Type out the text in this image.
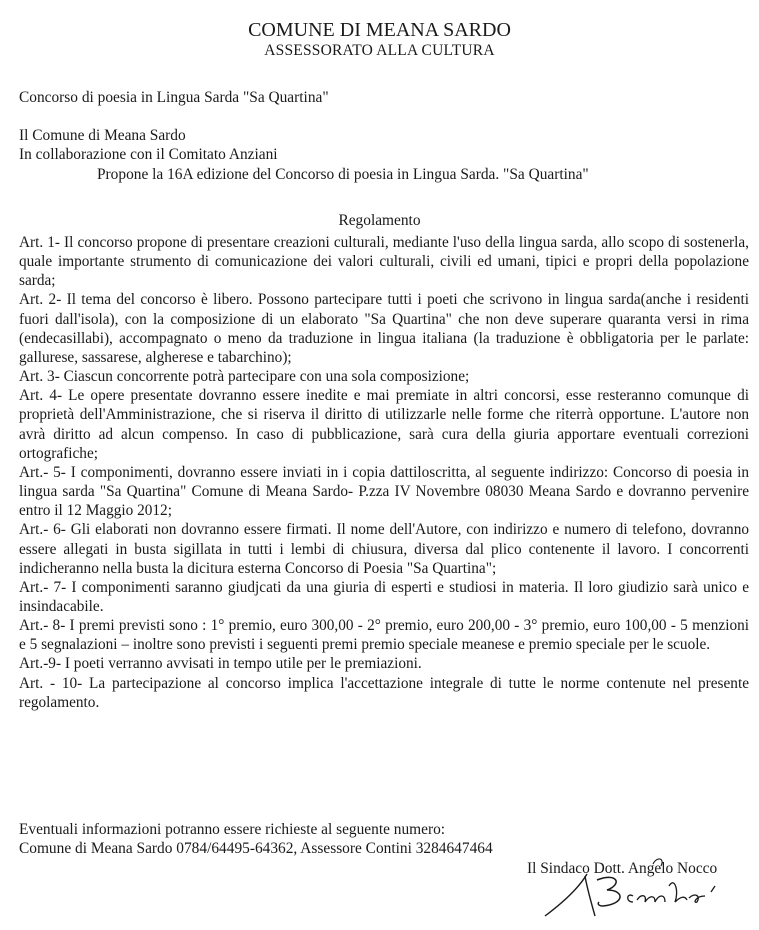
COMUNE DI MEANA SARDO
ASSESSORATO ALLA CULTURA
Concorso di poesia in Lingua Sarda "Sa Quartina"
Il Comune di Meana Sardo
In collaborazione con il Comitato Anziani
Propone la 16A edizione del Concorso di poesia in Lingua Sarda. "Sa Quartina"
Regolamento

Art. 1- Il concorso propone di presentare creazioni culturali, mediante l'uso della lingua sarda, allo scopo di sostenerla, quale importante strumento di comunicazione dei valori culturali, civili ed umani, tipici e propri della popolazione sarda;

Art. 2- Il tema del concorso è libero. Possono partecipare tutti i poeti che scrivono in lingua sarda(anche i residenti fuori dall'isola), con la composizione di un elaborato "Sa Quartina" che non deve superare quaranta versi in rima (endecasillabi), accompagnato o meno da traduzione in lingua italiana (la traduzione è obbligatoria per le parlate: gallurese, sassarese, algherese e tabarchino);

Art. 3- Ciascun concorrente potrà partecipare con una sola composizione;

Art. 4- Le opere presentate dovranno essere inedite e mai premiate in altri concorsi, esse resteranno comunque di proprietà dell'Amministrazione, che si riserva il diritto di utilizzarle nelle forme che riterrà opportune. L'autore non avrà diritto ad alcun compenso. In caso di pubblicazione, sarà cura della giuria apportare eventuali correzioni ortografiche;

Art.- 5- I componimenti, dovranno essere inviati in i copia dattiloscritta, al seguente indirizzo: Concorso di poesia in lingua sarda "Sa Quartina" Comune di Meana Sardo- P.zza IV Novembre 08030 Meana Sardo e dovranno pervenire entro il 12 Maggio 2012;

Art.- 6- Gli elaborati non dovranno essere firmati. Il nome dell'Autore, con indirizzo e numero di telefono, dovranno essere allegati in busta sigillata in tutti i lembi di chiusura, diversa dal plico contenente il lavoro. I concorrenti indicheranno nella busta la dicitura esterna Concorso di Poesia "Sa Quartina";

Art.- 7- I componimenti saranno giudjcati da una giuria di esperti e studiosi in materia. Il loro giudizio sarà unico e insindacabile.

Art.- 8- I premi previsti sono : 1° premio, euro 300,00 - 2° premio, euro 200,00 - 3° premio, euro 100,00 - 5 menzioni e 5 segnalazioni – inoltre sono previsti i seguenti premi premio speciale meanese e premio speciale per le scuole.

Art.-9- I poeti verranno avvisati in tempo utile per le premiazioni.

Art. - 10- La partecipazione al concorso implica l'accettazione integrale di tutte le norme contenute nel presente regolamento.

Eventuali informazioni potranno essere richieste al seguente numero:
Comune di Meana Sardo 0784/64495-64362, Assessore Contini 3284647464
Il Sindaco Dott. Angelo Nocco
